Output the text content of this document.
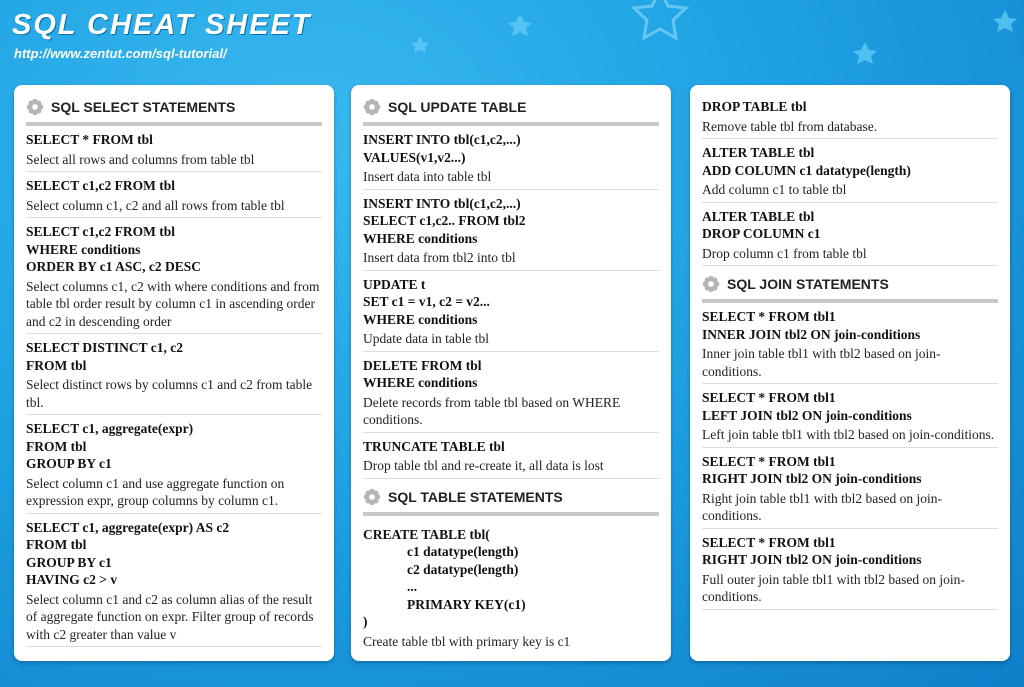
SQL CHEAT SHEET
http://www.zentut.com/sql-tutorial/
SQL SELECT STATEMENTS
SELECT * FROM tbl
Select all rows and columns from table tbl
SELECT c1,c2 FROM tbl
Select column c1, c2 and all rows from table tbl
SELECT c1,c2 FROM tbl
WHERE conditions
ORDER BY c1 ASC, c2 DESC
Select columns c1, c2 with where conditions and from table tbl order result by column c1 in ascending order and c2 in descending order
SELECT DISTINCT c1, c2
FROM tbl
Select distinct rows by columns c1 and c2 from table tbl.
SELECT c1, aggregate(expr)
FROM tbl
GROUP BY c1
Select column c1 and use aggregate function on expression expr, group columns by column c1.
SELECT c1, aggregate(expr) AS c2
FROM tbl
GROUP BY c1
HAVING c2 > v
Select column c1 and c2 as column alias of the result of aggregate function on expr. Filter group of records with c2 greater than value v
SQL UPDATE TABLE
INSERT INTO tbl(c1,c2,...)
VALUES(v1,v2...)
Insert data into table tbl
INSERT INTO tbl(c1,c2,...)
SELECT c1,c2.. FROM tbl2
WHERE conditions
Insert data from tbl2 into tbl
UPDATE t
SET c1 = v1, c2 = v2...
WHERE conditions
Update data in table tbl
DELETE FROM tbl
WHERE conditions
Delete records from table tbl based on WHERE conditions.
TRUNCATE TABLE tbl
Drop table tbl and re-create it, all data is lost
SQL TABLE STATEMENTS
CREATE TABLE tbl(
c1 datatype(length)
c2 datatype(length)
...
PRIMARY KEY(c1)
)
Create table tbl with primary key is c1
DROP TABLE tbl
Remove table tbl from database.
ALTER TABLE tbl
ADD COLUMN c1 datatype(length)
Add column c1 to table tbl
ALTER TABLE tbl
DROP COLUMN c1
Drop column c1 from table tbl
SQL JOIN STATEMENTS
SELECT * FROM tbl1
INNER JOIN tbl2 ON join-conditions
Inner join table tbl1 with tbl2 based on join-conditions.
SELECT * FROM tbl1
LEFT JOIN tbl2 ON join-conditions
Left join table tbl1 with tbl2 based on join-conditions.
SELECT * FROM tbl1
RIGHT JOIN tbl2 ON join-conditions
Right join table tbl1 with tbl2 based on join-conditions.
SELECT * FROM tbl1
RIGHT JOIN tbl2 ON join-conditions
Full outer join table tbl1 with tbl2 based on join-conditions.
